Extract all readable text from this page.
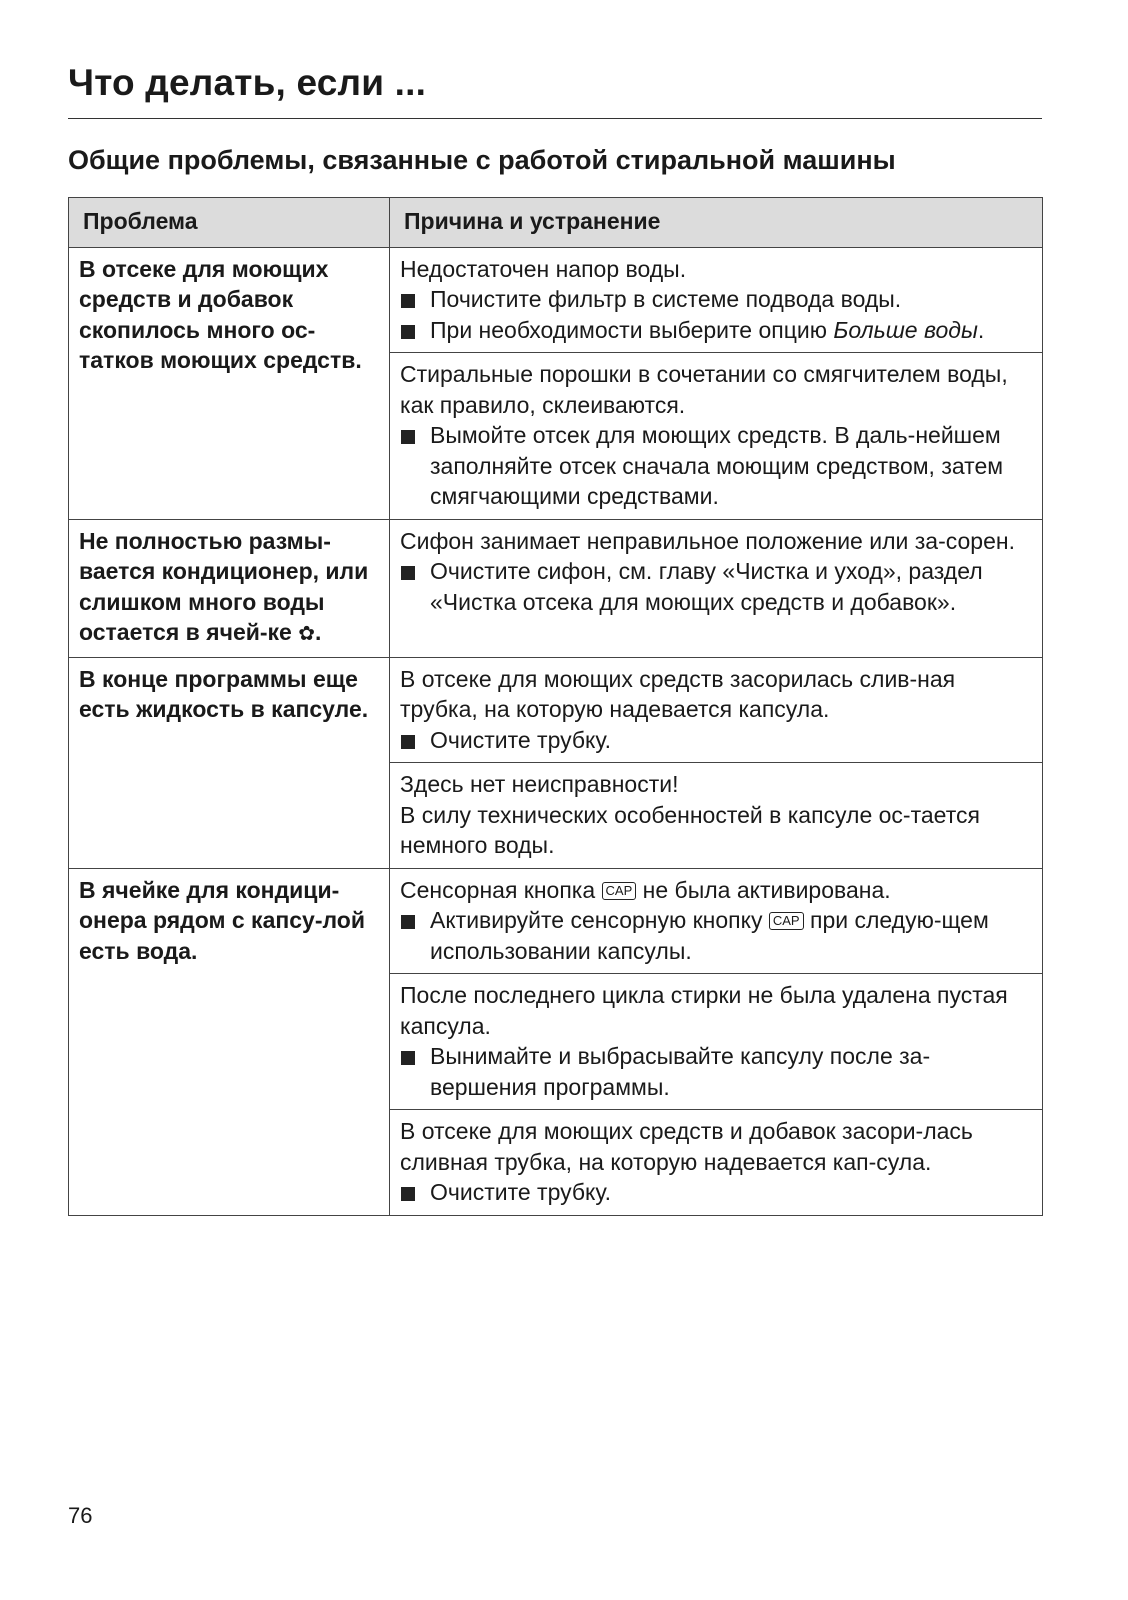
Что делать, если ...
Общие проблемы, связанные с работой стиральной машины
Проблема	Причина и устранение
В отсеке для моющих средств и добавок скопилось много ос-татков моющих средств.	Недостаточен напор воды.
Почистите фильтр в системе подвода воды.
При необходимости выберите опцию Больше воды.

	Стиральные порошки в сочетании со смягчителем воды, как правило, склеиваются.
Вымойте отсек для моющих средств. В даль-нейшем заполняйте отсек сначала моющим средством, затем смягчающими средствами.

Не полностью размы-вается кондиционер, или слишком много воды остается в ячей-ке ✿.	Сифон занимает неправильное положение или за-сорен.
Очистите сифон, см. главу «Чистка и уход», раздел «Чистка отсека для моющих средств и добавок».

В конце программы еще есть жидкость в капсуле.	В отсеке для моющих средств засорилась слив-ная трубка, на которую надевается капсула.
Очистите трубку.

	Здесь нет неисправности!
В силу технических особенностей в капсуле ос-тается немного воды.

В ячейке для кондици-онера рядом с капсу-лой есть вода.	Сенсорная кнопка CAP не была активирована.
Активируйте сенсорную кнопку CAP при следую-щем использовании капсулы.

	После последнего цикла стирки не была удалена пустая капсула.
Вынимайте и выбрасывайте капсулу после за-вершения программы.

	В отсеке для моющих средств и добавок засори-лась сливная трубка, на которую надевается кап-сула.
Очистите трубку.
76
